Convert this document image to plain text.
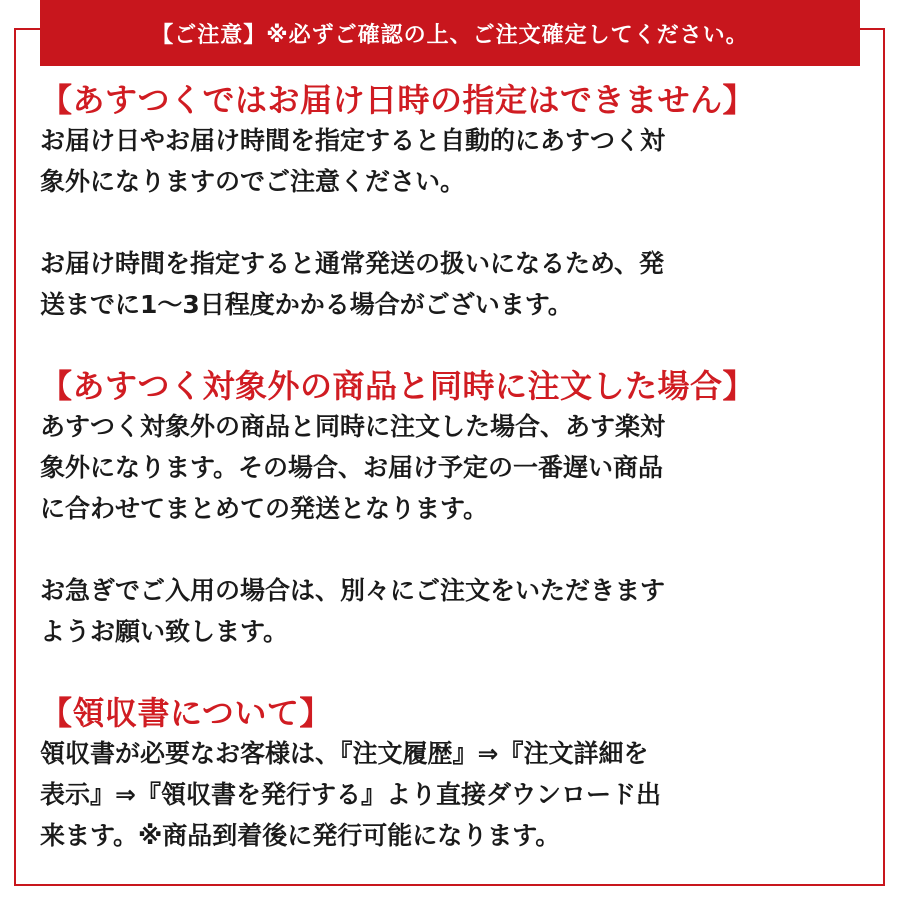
【ご注意】※必ずご確認の上、ご注文確定してください。

【あすつくではお届け日時の指定はできません】

お届け日やお届け時間を指定すると自動的にあすつく対

象外になりますのでご注意ください。

お届け時間を指定すると通常発送の扱いになるため、発

送までに1〜3日程度かかる場合がございます。

【あすつく対象外の商品と同時に注文した場合】

あすつく対象外の商品と同時に注文した場合、あす楽対

象外になります。その場合、お届け予定の一番遅い商品

に合わせてまとめての発送となります。

お急ぎでご入用の場合は、別々にご注文をいただきます

ようお願い致します。

【領収書について】

領収書が必要なお客様は、『注文履歴』⇒『注文詳細を

表示』⇒『領収書を発行する』より直接ダウンロード出

来ます。※商品到着後に発行可能になります。
